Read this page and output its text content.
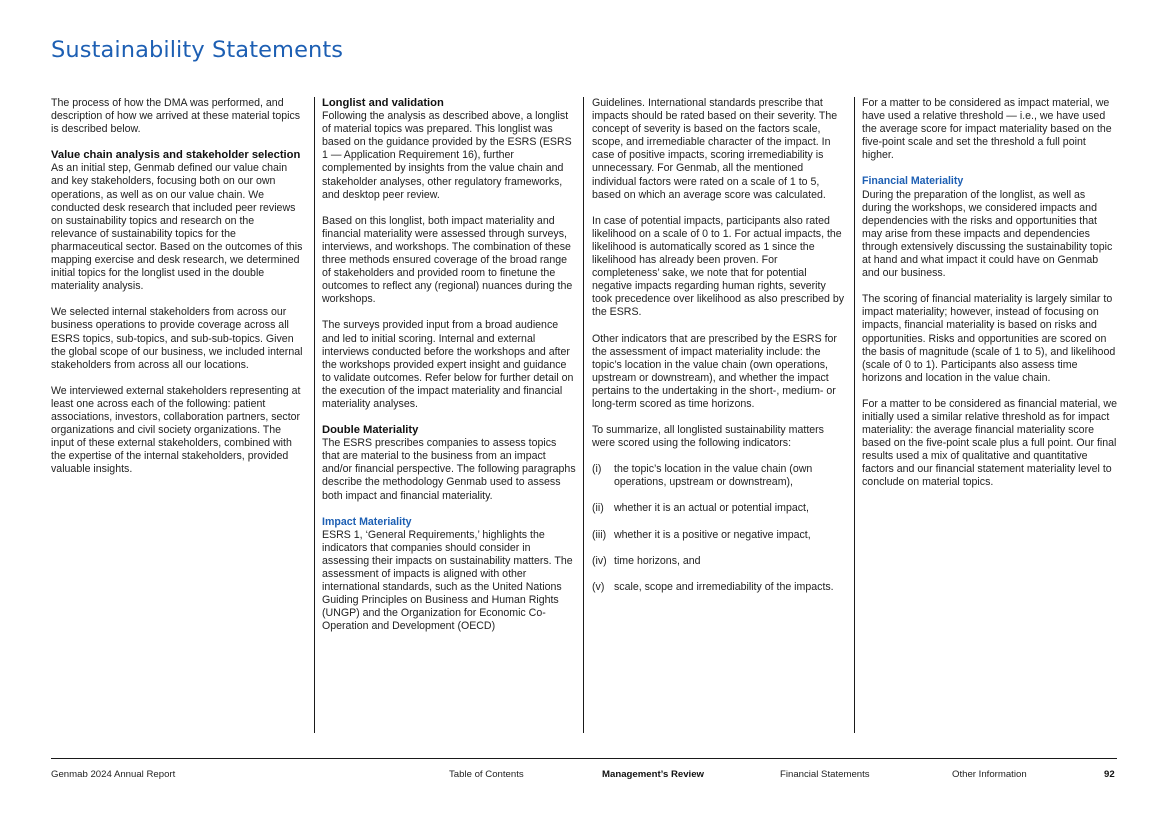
Sustainability Statements

The process of how the DMA was performed, and description of how we arrived at these material topics is described below.

Value chain analysis and stakeholder selection

As an initial step, Genmab defined our value chain and key stakeholders, focusing both on our own operations, as well as on our value chain. We conducted desk research that included peer reviews on sustainability topics and research on the relevance of sustainability topics for the pharmaceutical sector. Based on the outcomes of this mapping exercise and desk research, we determined initial topics for the longlist used in the double materiality analysis.

We selected internal stakeholders from across our business operations to provide coverage across all ESRS topics, sub-topics, and sub-sub-topics. Given the global scope of our business, we included internal stakeholders from across all our locations.

We interviewed external stakeholders representing at least one across each of the following: patient associations, investors, collaboration partners, sector organizations and civil society organizations. The input of these external stakeholders, combined with the expertise of the internal stakeholders, provided valuable insights.

Longlist and validation

Following the analysis as described above, a longlist of material topics was prepared. This longlist was based on the guidance provided by the ESRS (ESRS 1 — Application Requirement 16), further complemented by insights from the value chain and stakeholder analyses, other regulatory frameworks, and desktop peer review.

Based on this longlist, both impact materiality and financial materiality were assessed through surveys, interviews, and workshops. The combination of these three methods ensured coverage of the broad range of stakeholders and provided room to finetune the outcomes to reflect any (regional) nuances during the workshops.

The surveys provided input from a broad audience and led to initial scoring. Internal and external interviews conducted before the workshops and after the workshops provided expert insight and guidance to validate outcomes. Refer below for further detail on the execution of the impact materiality and financial materiality analyses.

Double Materiality

The ESRS prescribes companies to assess topics that are material to the business from an impact and/or financial perspective. The following paragraphs describe the methodology Genmab used to assess both impact and financial materiality.

Impact Materiality

ESRS 1, ‘General Requirements,’ highlights the indicators that companies should consider in assessing their impacts on sustainability matters. The assessment of impacts is aligned with other international standards, such as the United Nations Guiding Principles on Business and Human Rights (UNGP) and the Organization for Economic Co-Operation and Development (OECD)

Guidelines. International standards prescribe that impacts should be rated based on their severity. The concept of severity is based on the factors scale, scope, and irremediable character of the impact. In case of positive impacts, scoring irremediability is unnecessary. For Genmab, all the mentioned individual factors were rated on a scale of 1 to 5, based on which an average score was calculated.

In case of potential impacts, participants also rated likelihood on a scale of 0 to 1. For actual impacts, the likelihood is automatically scored as 1 since the likelihood has already been proven. For completeness’ sake, we note that for potential negative impacts regarding human rights, severity took precedence over likelihood as also prescribed by the ESRS.

Other indicators that are prescribed by the ESRS for the assessment of impact materiality include: the topic’s location in the value chain (own operations, upstream or downstream), and whether the impact pertains to the undertaking in the short-, medium- or long-term scored as time horizons.

To summarize, all longlisted sustainability matters were scored using the following indicators:

(i)	the topic’s location in the value chain (own operations, upstream or downstream),
(ii) whether it is an actual or potential impact,
(iii) whether it is a positive or negative impact,
(iv) time horizons, and
(v) scale, scope and irremediability of the impacts.

For a matter to be considered as impact material, we have used a relative threshold — i.e., we have used the average score for impact materiality based on the five-point scale and set the threshold a full point higher.

Financial Materiality

During the preparation of the longlist, as well as during the workshops, we considered impacts and dependencies with the risks and opportunities that may arise from these impacts and dependencies through extensively discussing the sustainability topic at hand and what impact it could have on Genmab and our business.

The scoring of financial materiality is largely similar to impact materiality; however, instead of focusing on impacts, financial materiality is based on risks and opportunities. Risks and opportunities are scored on the basis of magnitude (scale of 1 to 5), and likelihood (scale of 0 to 1). Participants also assess time horizons and location in the value chain.

For a matter to be considered as financial material, we initially used a similar relative threshold as for impact materiality: the average financial materiality score based on the five-point scale plus a full point. Our final results used a mix of qualitative and quantitative factors and our financial statement materiality level to conclude on material topics.

Genmab 2024 Annual Report	Table of Contents	Management’s Review	Financial Statements	Other Information	92
